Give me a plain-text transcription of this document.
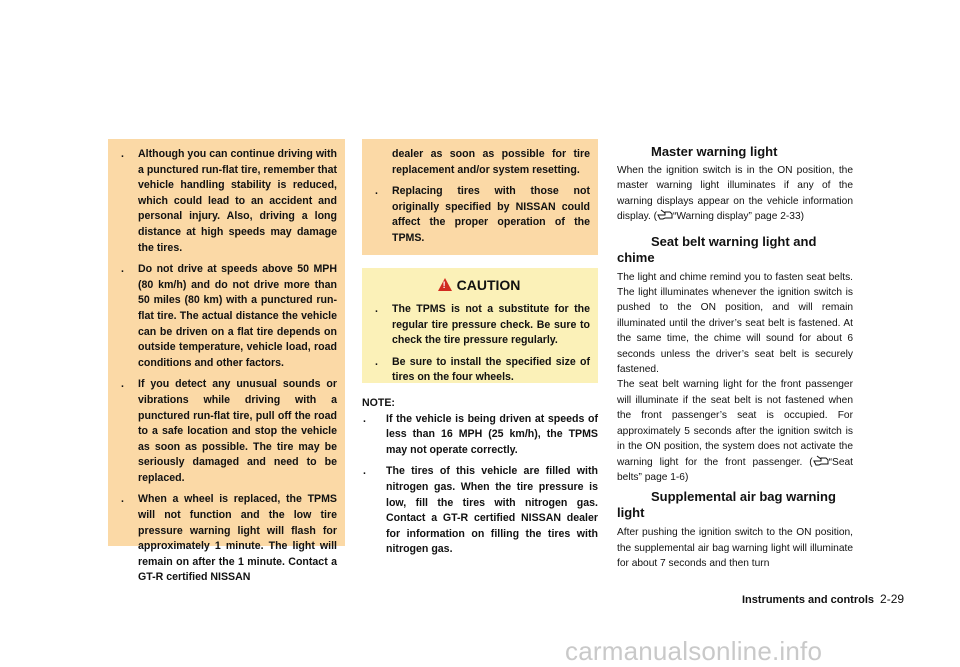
. Although you can continue driving with a punctured run-flat tire, remember that vehicle handling stability is reduced, which could lead to an accident and personal injury. Also, driving a long distance at high speeds may damage the tires.
. Do not drive at speeds above 50 MPH (80 km/h) and do not drive more than 50 miles (80 km) with a punctured run-flat tire. The actual distance the vehicle can be driven on a flat tire depends on outside temperature, vehicle load, road conditions and other factors.
. If you detect any unusual sounds or vibrations while driving with a punctured run-flat tire, pull off the road to a safe location and stop the vehicle as soon as possible. The tire may be seriously damaged and need to be replaced.
. When a wheel is replaced, the TPMS will not function and the low tire pressure warning light will flash for approximately 1 minute. The light will remain on after the 1 minute. Contact a GT-R certified NISSAN
dealer as soon as possible for tire replacement and/or system resetting.
. Replacing tires with those not originally specified by NISSAN could affect the proper operation of the TPMS.
! CAUTION
. The TPMS is not a substitute for the regular tire pressure check. Be sure to check the tire pressure regularly.
. Be sure to install the specified size of tires on the four wheels.
NOTE:
. If the vehicle is being driven at speeds of less than 16 MPH (25 km/h), the TPMS may not operate correctly.
. The tires of this vehicle are filled with nitrogen gas. When the tire pressure is low, fill the tires with nitrogen gas. Contact a GT-R certified NISSAN dealer for information on filling the tires with nitrogen gas.
Master warning light
When the ignition switch is in the ON position, the master warning light illuminates if any of the warning displays appear on the vehicle information display. ( “Warning display” page 2-33)
Seat belt warning light and
chime
The light and chime remind you to fasten seat belts. The light illuminates whenever the ignition switch is pushed to the ON position, and will remain illuminated until the driver’s seat belt is fastened. At the same time, the chime will sound for about 6 seconds unless the driver’s seat belt is securely fastened.
The seat belt warning light for the front passenger will illuminate if the seat belt is not fastened when the front passenger’s seat is occupied. For approximately 5 seconds after the ignition switch is in the ON position, the system does not activate the warning light for the front passenger. ( “Seat belts” page 1-6)
Supplemental air bag warning
light
After pushing the ignition switch to the ON position, the supplemental air bag warning light will illuminate for about 7 seconds and then turn
Instruments and controls 2-29
carmanualsonline.info
